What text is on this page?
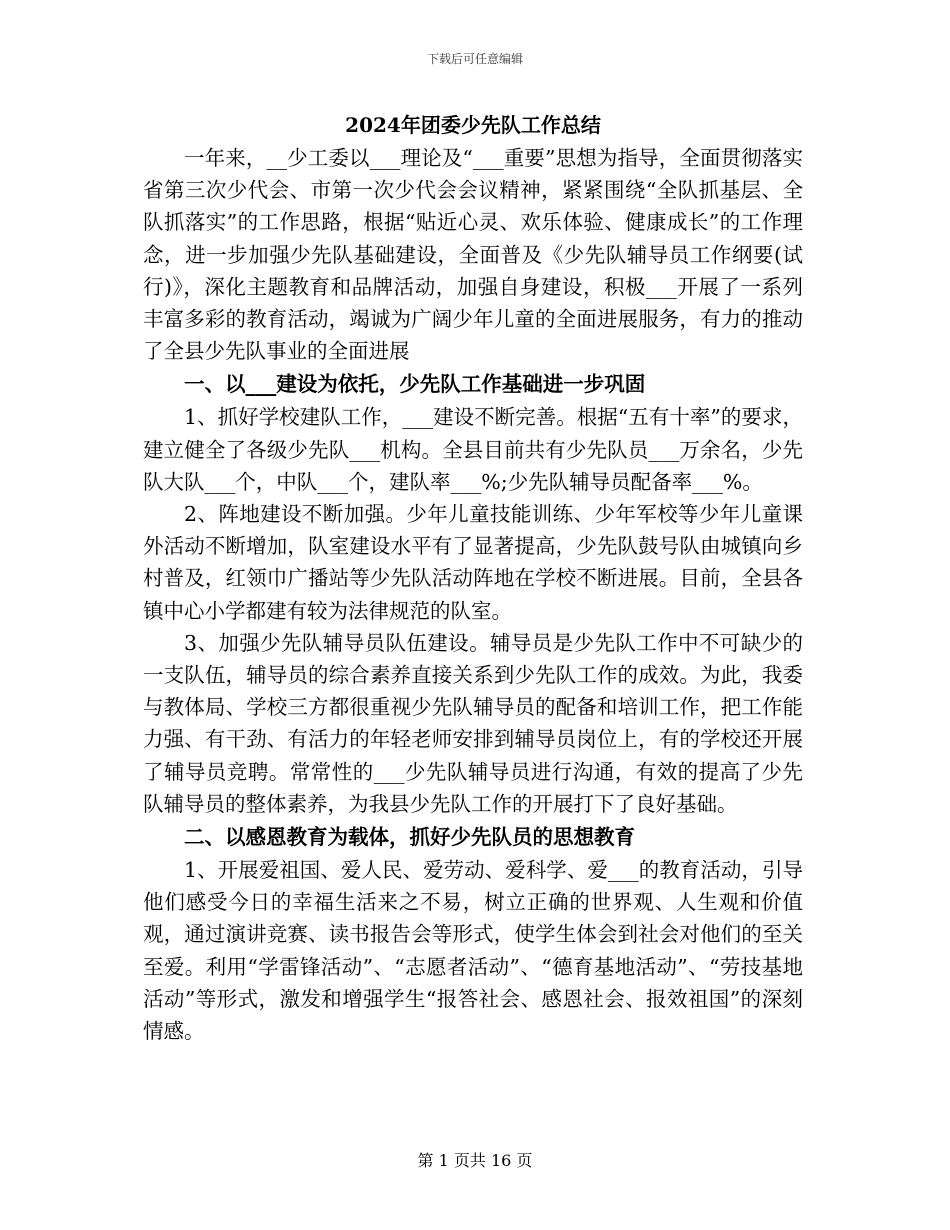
下载后可任意编辑

2024年团委少先队工作总结

一年来，__少工委以___理论及“___重要”思想为指导，全面贯彻落实省第三次少代会、市第一次少代会会议精神，紧紧围绕“全队抓基层、全队抓落实”的工作思路，根据“贴近心灵、欢乐体验、健康成长”的工作理念，进一步加强少先队基础建设，全面普及《少先队辅导员工作纲要(试行)》，深化主题教育和品牌活动，加强自身建设，积极___开展了一系列丰富多彩的教育活动，竭诚为广阔少年儿童的全面进展服务，有力的推动了全县少先队事业的全面进展

一、以___建设为依托，少先队工作基础进一步巩固

1、抓好学校建队工作，___建设不断完善。根据“五有十率”的要求，建立健全了各级少先队___机构。全县目前共有少先队员___万余名，少先队大队___个，中队___个，建队率___%;少先队辅导员配备率___%。

2、阵地建设不断加强。少年儿童技能训练、少年军校等少年儿童课外活动不断增加，队室建设水平有了显著提高，少先队鼓号队由城镇向乡村普及，红领巾广播站等少先队活动阵地在学校不断进展。目前，全县各镇中心小学都建有较为法律规范的队室。

3、加强少先队辅导员队伍建设。辅导员是少先队工作中不可缺少的一支队伍，辅导员的综合素养直接关系到少先队工作的成效。为此，我委与教体局、学校三方都很重视少先队辅导员的配备和培训工作，把工作能力强、有干劲、有活力的年轻老师安排到辅导员岗位上，有的学校还开展了辅导员竞聘。常常性的___少先队辅导员进行沟通，有效的提高了少先队辅导员的整体素养，为我县少先队工作的开展打下了良好基础。

二、以感恩教育为载体，抓好少先队员的思想教育

1、开展爱祖国、爱人民、爱劳动、爱科学、爱___的教育活动，引导他们感受今日的幸福生活来之不易，树立正确的世界观、人生观和价值观，通过演讲竞赛、读书报告会等形式，使学生体会到社会对他们的至关至爱。利用“学雷锋活动”、“志愿者活动”、“德育基地活动”、“劳技基地活动”等形式，激发和增强学生“报答社会、感恩社会、报效祖国”的深刻情感。

第 1 页共 16 页
